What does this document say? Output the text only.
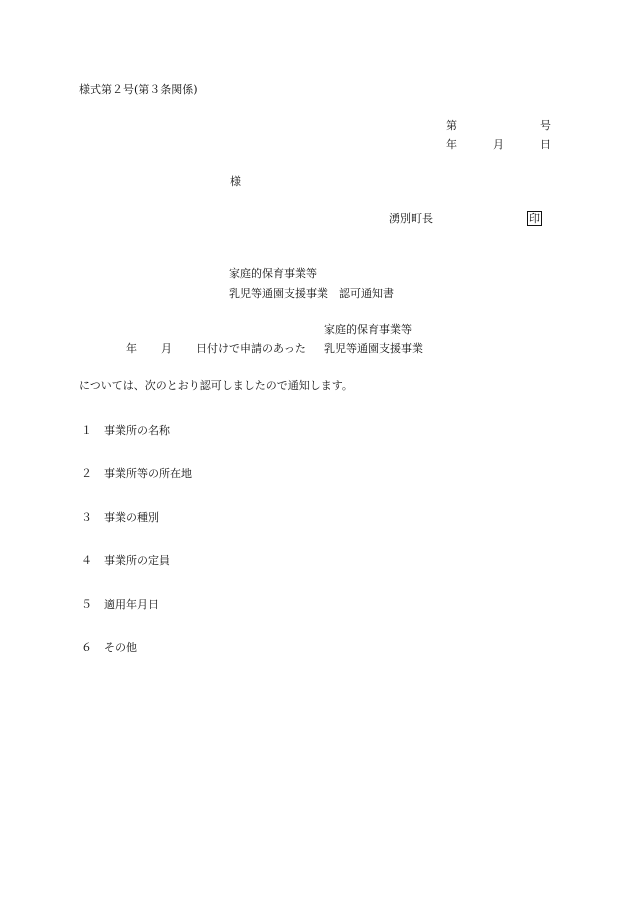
様式第２号(第３条関係)
第	号
年	月	日
様
湧別町長	印
家庭的保育事業等
乳児等通園支援事業　認可通知書
家庭的保育事業等
年 月 日付けで申請のあった 乳児等通園支援事業
については、次のとおり認可しましたので通知します。
１ 事業所の名称
２ 事業所等の所在地
３ 事業の種別
４ 事業所の定員
５ 適用年月日
６ その他
